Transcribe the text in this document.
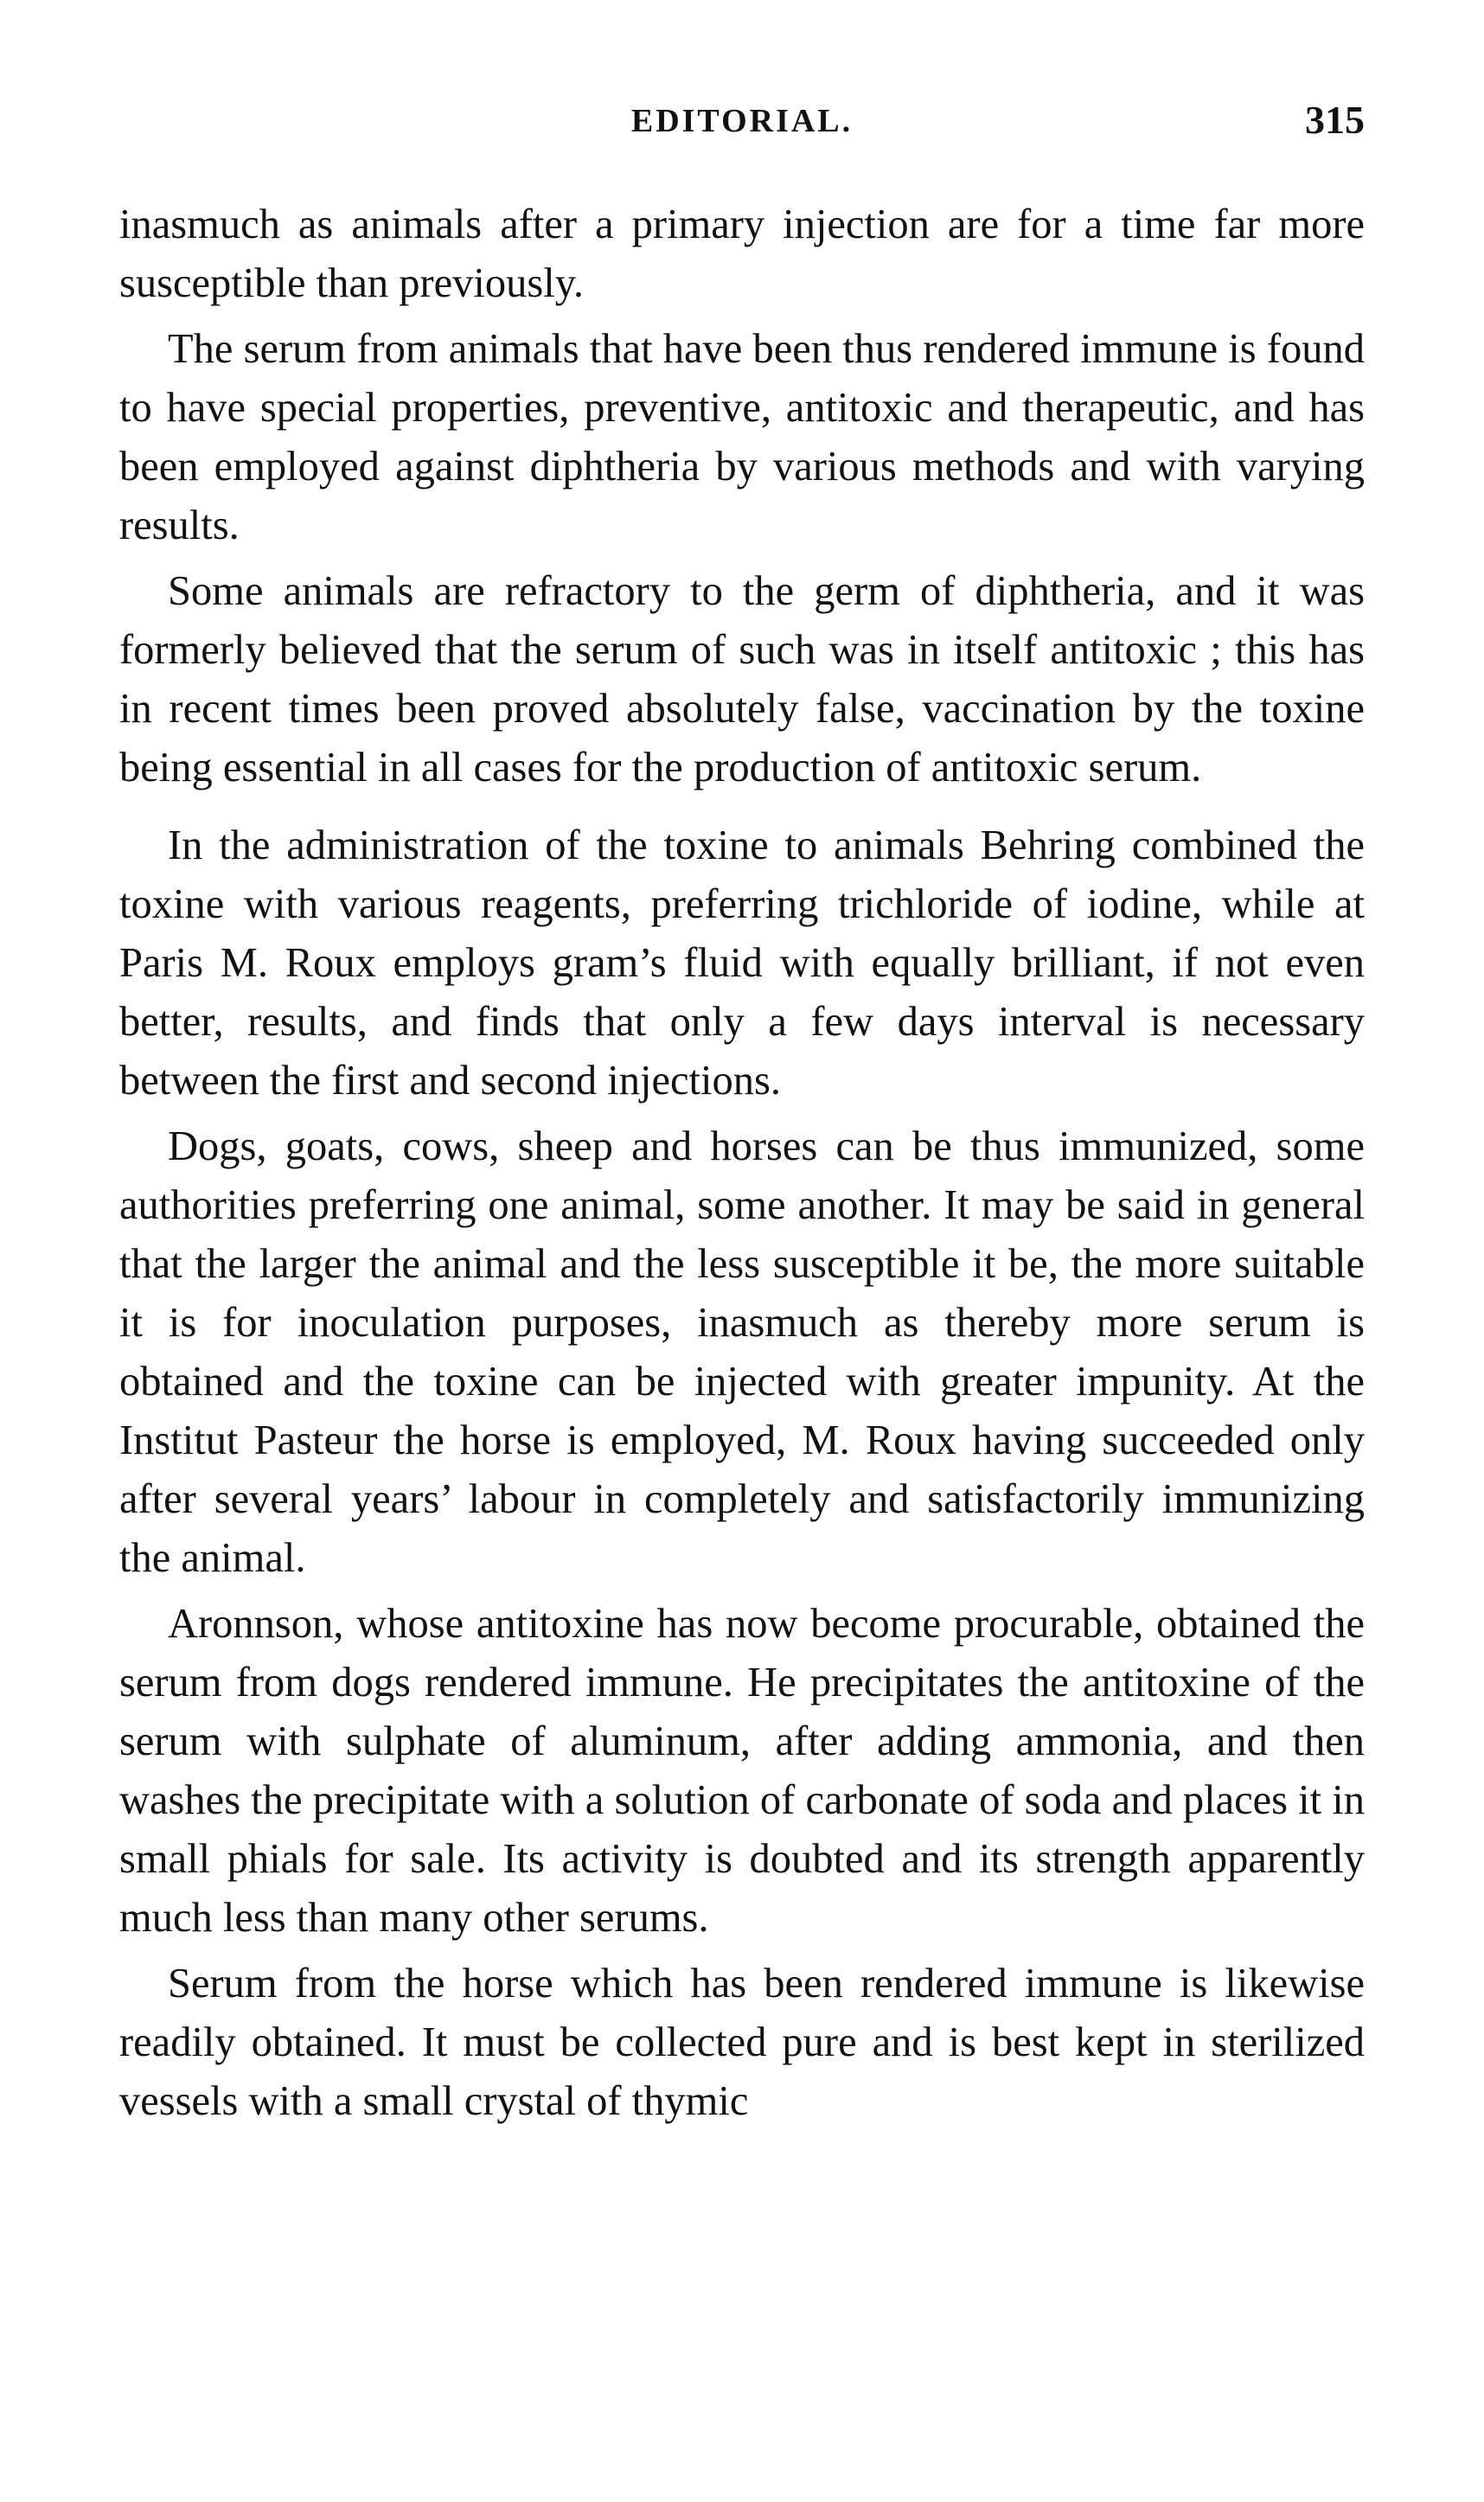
EDITORIAL.	315

inasmuch as animals after a primary injection are for a time far more susceptible than previously.

The serum from animals that have been thus rendered immune is found to have special properties, preventive, antitoxic and therapeutic, and has been employed against diphtheria by various methods and with varying results.

Some animals are refractory to the germ of diphtheria, and it was formerly believed that the serum of such was in itself antitoxic ; this has in recent times been proved absolutely false, vaccination by the toxine being essential in all cases for the production of antitoxic serum.

In the administration of the toxine to animals Behring combined the toxine with various reagents, preferring trichloride of iodine, while at Paris M. Roux employs gram’s fluid with equally brilliant, if not even better, results, and finds that only a few days interval is necessary between the first and second injections.

Dogs, goats, cows, sheep and horses can be thus immunized, some authorities preferring one animal, some another. It may be said in general that the larger the animal and the less susceptible it be, the more suitable it is for inoculation purposes, inasmuch as thereby more serum is obtained and the toxine can be injected with greater impunity. At the Institut Pasteur the horse is employed, M. Roux having succeeded only after several years’ labour in completely and satisfactorily immunizing the animal.

Aronnson, whose antitoxine has now become procurable, obtained the serum from dogs rendered immune. He precipitates the antitoxine of the serum with sulphate of aluminum, after adding ammonia, and then washes the precipitate with a solution of carbonate of soda and places it in small phials for sale. Its activity is doubted and its strength apparently much less than many other serums.

Serum from the horse which has been rendered immune is likewise readily obtained. It must be collected pure and is best kept in sterilized vessels with a small crystal of thymic
